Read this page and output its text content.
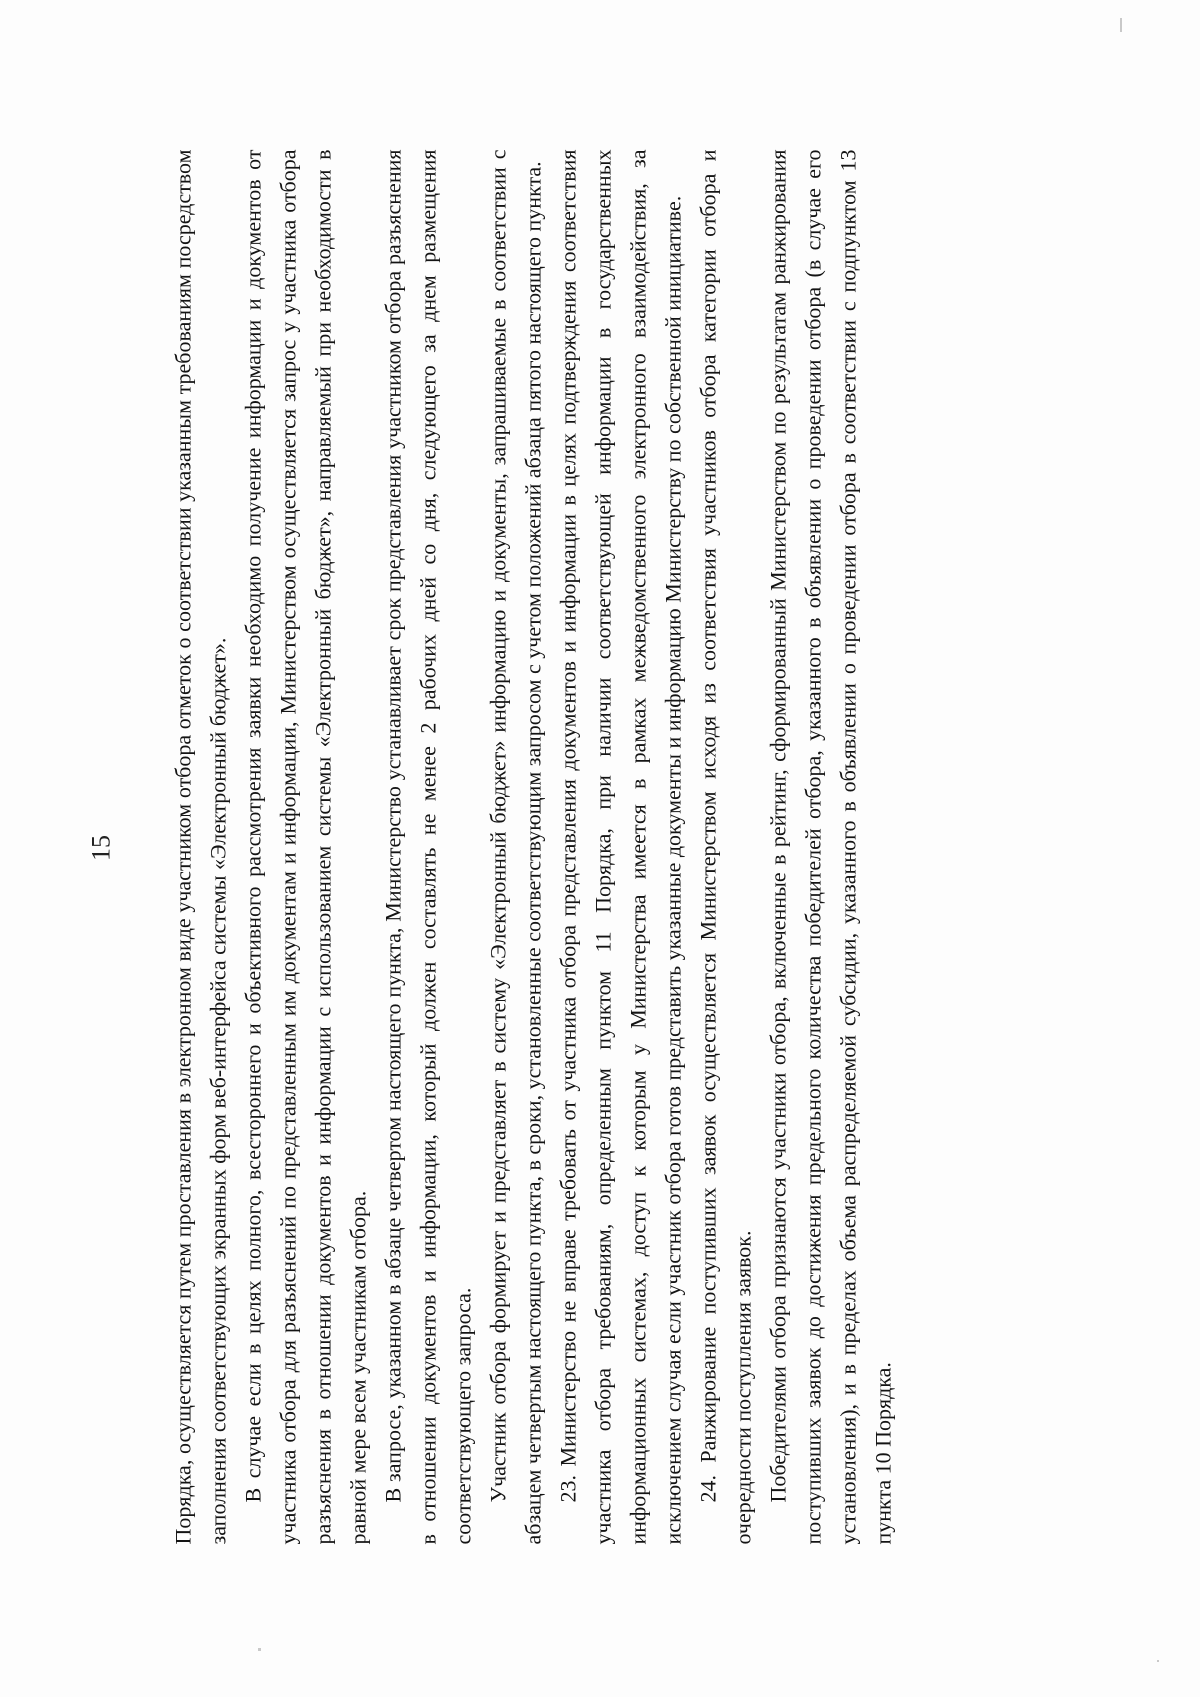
15	Порядка, осуществляется путем проставления в электронном виде участником отбора отметок о соответствии указанным требованиям посредством заполнения соответствующих экранных форм веб-интерфейса системы «Электронный бюджет». В случае если в целях полного, всестороннего и объективного рассмотрения заявки необходимо получение информации и документов от участника отбора для разъяснений по представленным им документам и информации, Министерством осуществляется запрос у участника отбора разъяснения в отношении документов и информации с использованием системы «Электронный бюджет», направляемый при необходимости в равной мере всем участникам отбора. В запросе, указанном в абзаце четвертом настоящего пункта, Министерство устанавливает срок представления участником отбора разъяснения в отношении документов и информации, который должен составлять не менее 2 рабочих дней со дня, следующего за днем размещения соответствующего запроса. Участник отбора формирует и представляет в систему «Электронный бюджет» информацию и документы, запрашиваемые в соответствии с абзацем четвертым настоящего пункта, в сроки, установленные соответствующим запросом с учетом положений абзаца пятого настоящего пункта. 23. Министерство не вправе требовать от участника отбора представления документов и информации в целях подтверждения соответствия участника отбора требованиям, определенным пунктом 11 Порядка, при наличии соответствующей информации в государственных информационных системах, доступ к которым у Министерства имеется в рамках межведомственного электронного взаимодействия, за исключением случая если участник отбора готов представить указанные документы и информацию Министерству по собственной инициативе. 24. Ранжирование поступивших заявок осуществляется Министерством исходя из соответствия участников отбора категории отбора и очередности поступления заявок. Победителями отбора признаются участники отбора, включенные в рейтинг, сформированный Министерством по результатам ранжирования поступивших заявок до достижения предельного количества победителей отбора, указанного в объявлении о проведении отбора (в случае его установления), и в пределах объема распределяемой субсидии, указанного в объявлении о проведении отбора в соответствии с подпунктом 13 пункта 10 Порядка.
